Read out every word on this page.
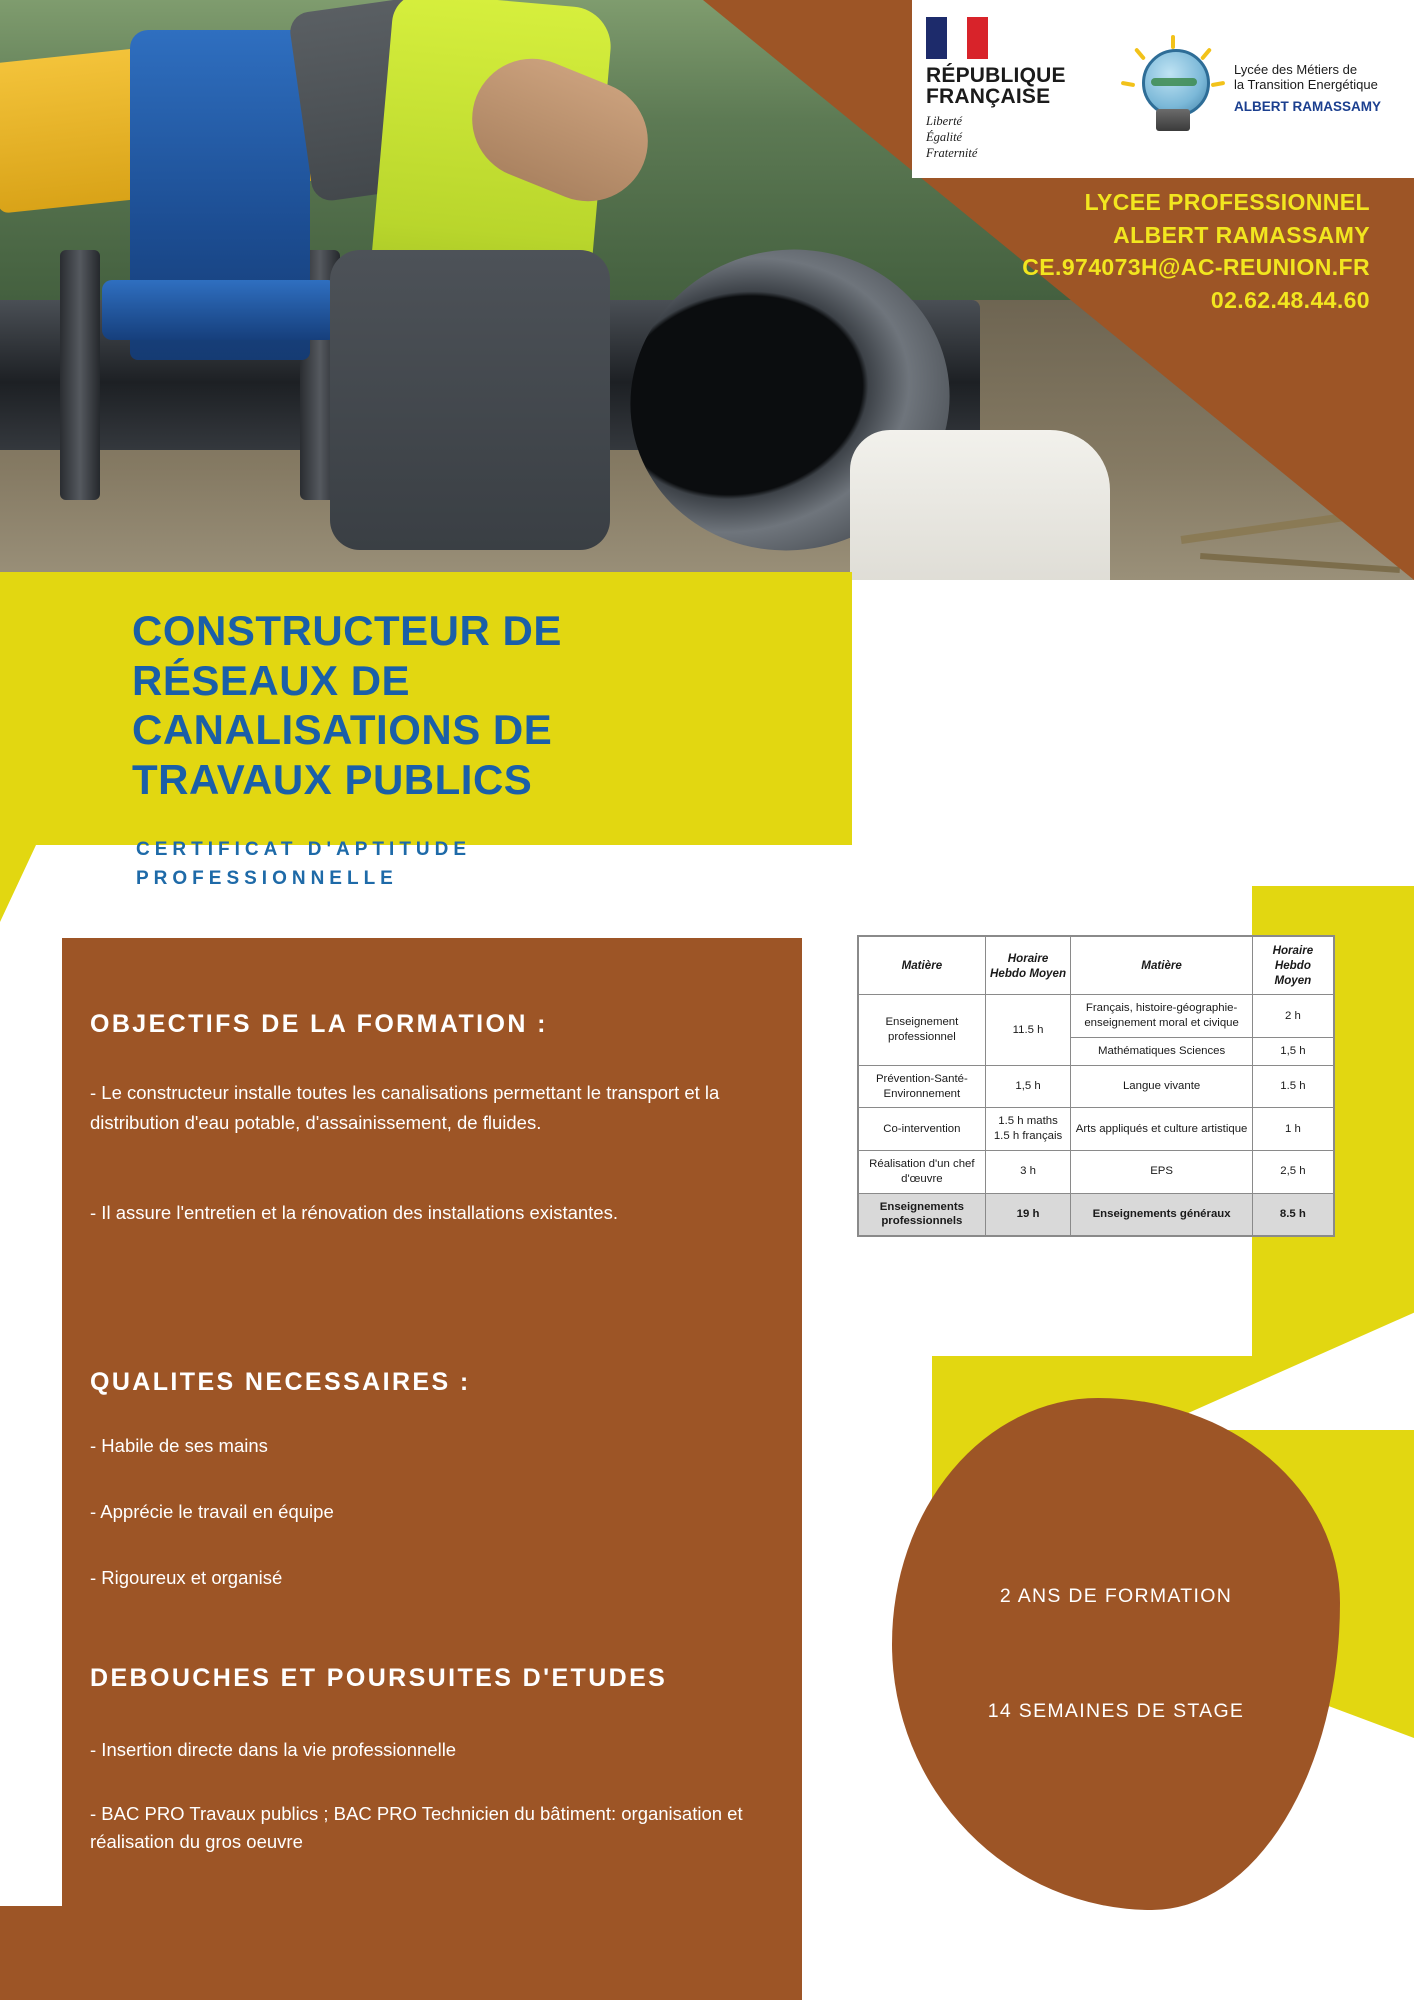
RÉPUBLIQUE
FRANÇAISE
Liberté
Égalité
Fraternité
Lycée des Métiers de
la Transition Energétique
ALBERT RAMASSAMY
LYCEE PROFESSIONNEL
ALBERT RAMASSAMY
CE.974073H@AC-REUNION.FR
02.62.48.44.60
CONSTRUCTEUR DE
RÉSEAUX DE
CANALISATIONS DE
TRAVAUX PUBLICS
CERTIFICAT D'APTITUDE
PROFESSIONNELLE
OBJECTIFS DE LA FORMATION :
- Le constructeur installe toutes les canalisations permettant le transport et la distribution d'eau potable, d'assainissement, de fluides.
- Il assure l'entretien et la rénovation des installations existantes.
QUALITES NECESSAIRES :
- Habile de ses mains
- Apprécie le travail en équipe
- Rigoureux et organisé
DEBOUCHES ET POURSUITES D'ETUDES
- Insertion directe dans la vie professionnelle
- BAC PRO Travaux publics ; BAC PRO Technicien du bâtiment: organisation et réalisation du gros oeuvre
Matière	Horaire Hebdo Moyen	Matière	Horaire Hebdo Moyen
Enseignement professionnel	11.5 h	Français, histoire-géographie-enseignement moral et civique	2 h
		Mathématiques Sciences	1,5 h
Prévention-Santé-Environnement	1,5 h	Langue vivante	1.5 h
Co-intervention	1.5 h maths 1.5 h français	Arts appliqués et culture artistique	1 h
Réalisation d'un chef d'œuvre	3 h	EPS	2,5 h
Enseignements professionnels	19 h	Enseignements généraux	8.5 h
2 ANS DE FORMATION
14 SEMAINES DE STAGE
